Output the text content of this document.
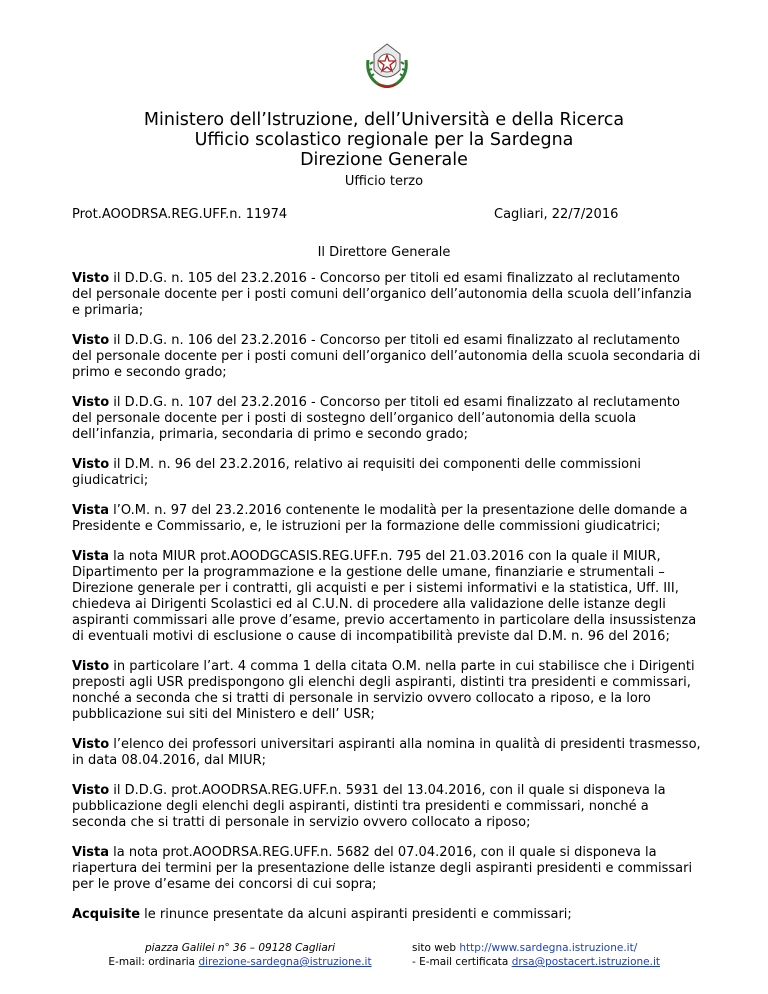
Ministero dell’Istruzione, dell’Università e della Ricerca
Ufficio scolastico regionale per la Sardegna
Direzione Generale
Ufficio terzo
Prot.AOODRSA.REG.UFF.n. 11974	Cagliari, 22/7/2016
Il Direttore Generale

Visto il D.D.G. n. 105 del 23.2.2016 - Concorso per titoli ed esami finalizzato al reclutamento del personale docente per i posti comuni dell’organico dell’autonomia della scuola dell’infanzia e primaria;

Visto il D.D.G. n. 106 del 23.2.2016 - Concorso per titoli ed esami finalizzato al reclutamento del personale docente per i posti comuni dell’organico dell’autonomia della scuola secondaria di primo e secondo grado;

Visto il D.D.G. n. 107 del 23.2.2016 - Concorso per titoli ed esami finalizzato al reclutamento del personale docente per i posti di sostegno dell’organico dell’autonomia della scuola dell’infanzia, primaria, secondaria di primo e secondo grado;

Visto il D.M. n. 96 del 23.2.2016, relativo ai requisiti dei componenti delle commissioni giudicatrici;

Vista l’O.M. n. 97 del 23.2.2016 contenente le modalità per la presentazione delle domande a Presidente e Commissario, e, le istruzioni per la formazione delle commissioni giudicatrici;

Vista la nota MIUR prot.AOODGCASIS.REG.UFF.n. 795 del 21.03.2016 con la quale il MIUR, Dipartimento per la programmazione e la gestione delle umane, finanziarie e strumentali – Direzione generale per i contratti, gli acquisti e per i sistemi informativi e la statistica, Uff. III, chiedeva ai Dirigenti Scolastici ed al C.U.N. di procedere alla validazione delle istanze degli aspiranti commissari alle prove d’esame, previo accertamento in particolare della insussistenza di eventuali motivi di esclusione o cause di incompatibilità previste dal D.M. n. 96 del 2016;

Visto in particolare l’art. 4 comma 1 della citata O.M. nella parte in cui stabilisce che i Dirigenti preposti agli USR predispongono gli elenchi degli aspiranti, distinti tra presidenti e commissari, nonché a seconda che si tratti di personale in servizio ovvero collocato a riposo, e la loro pubblicazione sui siti del Ministero e dell’ USR;

Visto l’elenco dei professori universitari aspiranti alla nomina in qualità di presidenti trasmesso, in data 08.04.2016, dal MIUR;

Visto il D.D.G. prot.AOODRSA.REG.UFF.n. 5931 del 13.04.2016, con il quale si disponeva la pubblicazione degli elenchi degli aspiranti, distinti tra presidenti e commissari, nonché a seconda che si tratti di personale in servizio ovvero collocato a riposo;

Vista la nota prot.AOODRSA.REG.UFF.n. 5682 del 07.04.2016, con il quale si disponeva la riapertura dei termini per la presentazione delle istanze degli aspiranti presidenti e commissari per le prove d’esame dei concorsi di cui sopra;

Acquisite le rinunce presentate da alcuni aspiranti presidenti e commissari;

piazza Galilei n° 36 – 09128 Cagliari
E-mail: ordinaria direzione-sardegna@istruzione.it
sito web http://www.sardegna.istruzione.it/
- E-mail certificata drsa@postacert.istruzione.it
